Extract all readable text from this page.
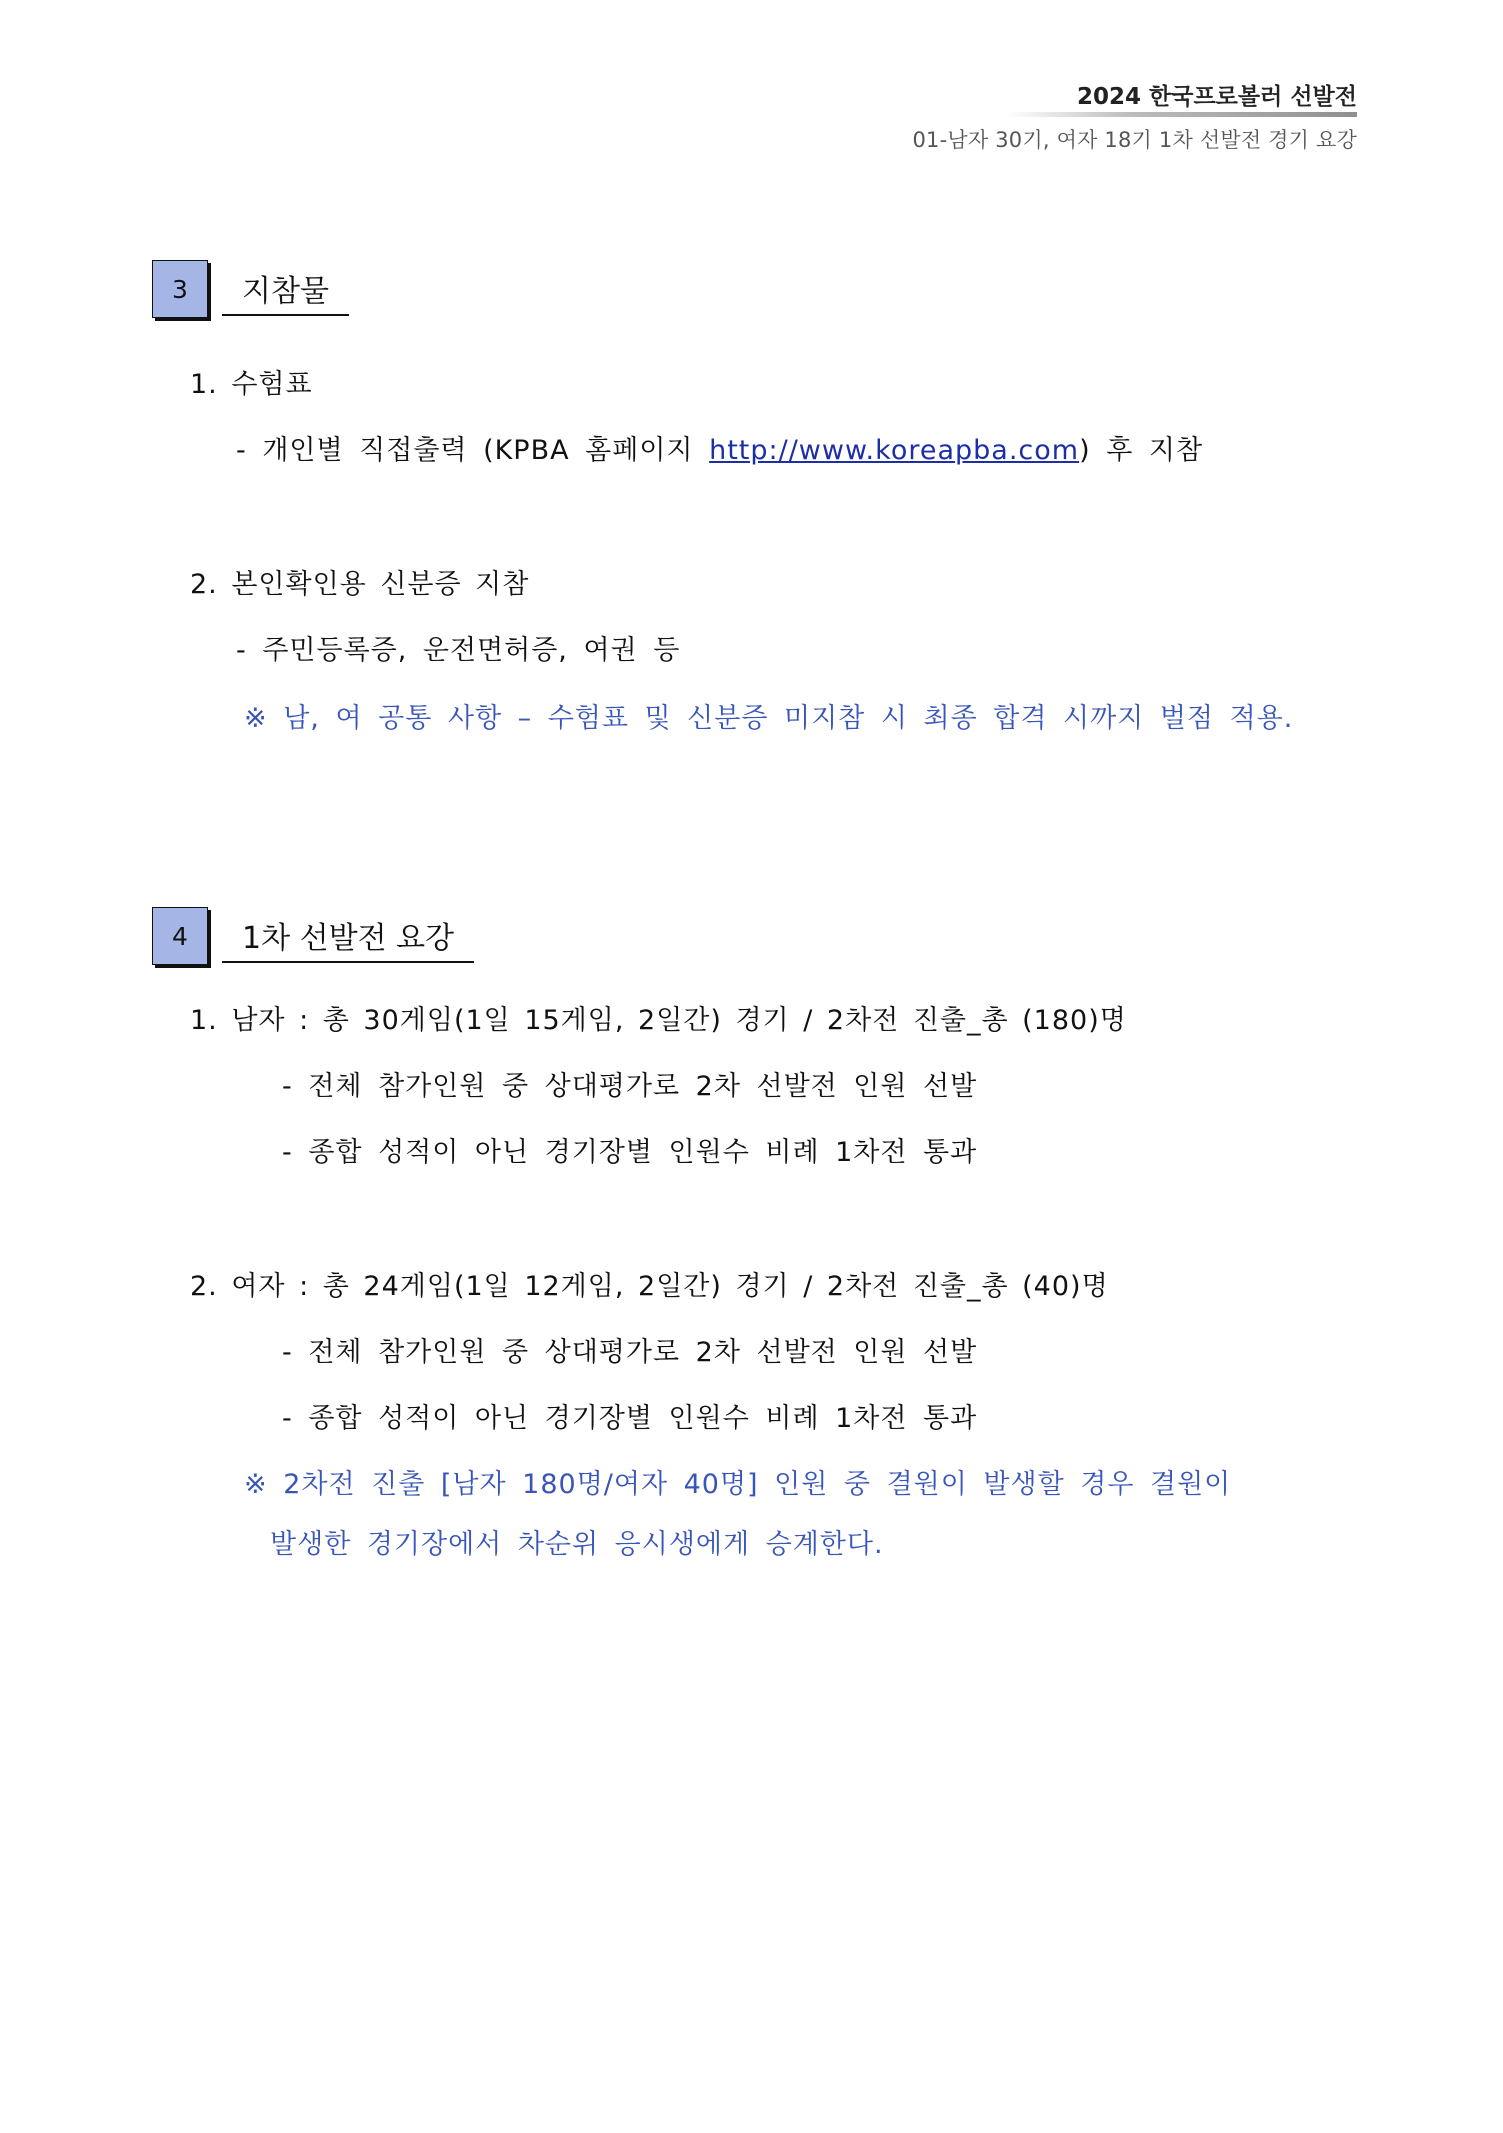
2024 한국프로볼러 선발전
01-남자 30기, 여자 18기 1차 선발전 경기 요강
3	지참물
1. 수험표
- 개인별 직접출력 (KPBA 홈페이지 http://www.koreapba.com) 후 지참
2. 본인확인용 신분증 지참
- 주민등록증, 운전면허증, 여권 등
※ 남, 여 공통 사항 – 수험표 및 신분증 미지참 시 최종 합격 시까지 벌점 적용.
4	1차 선발전 요강
1. 남자 : 총 30게임(1일 15게임, 2일간) 경기 / 2차전 진출_총 (180)명
- 전체 참가인원 중 상대평가로 2차 선발전 인원 선발
- 종합 성적이 아닌 경기장별 인원수 비례 1차전 통과
2. 여자 : 총 24게임(1일 12게임, 2일간) 경기 / 2차전 진출_총 (40)명
- 전체 참가인원 중 상대평가로 2차 선발전 인원 선발
- 종합 성적이 아닌 경기장별 인원수 비례 1차전 통과
※ 2차전 진출 [남자 180명/여자 40명] 인원 중 결원이 발생할 경우 결원이
발생한 경기장에서 차순위 응시생에게 승계한다.
